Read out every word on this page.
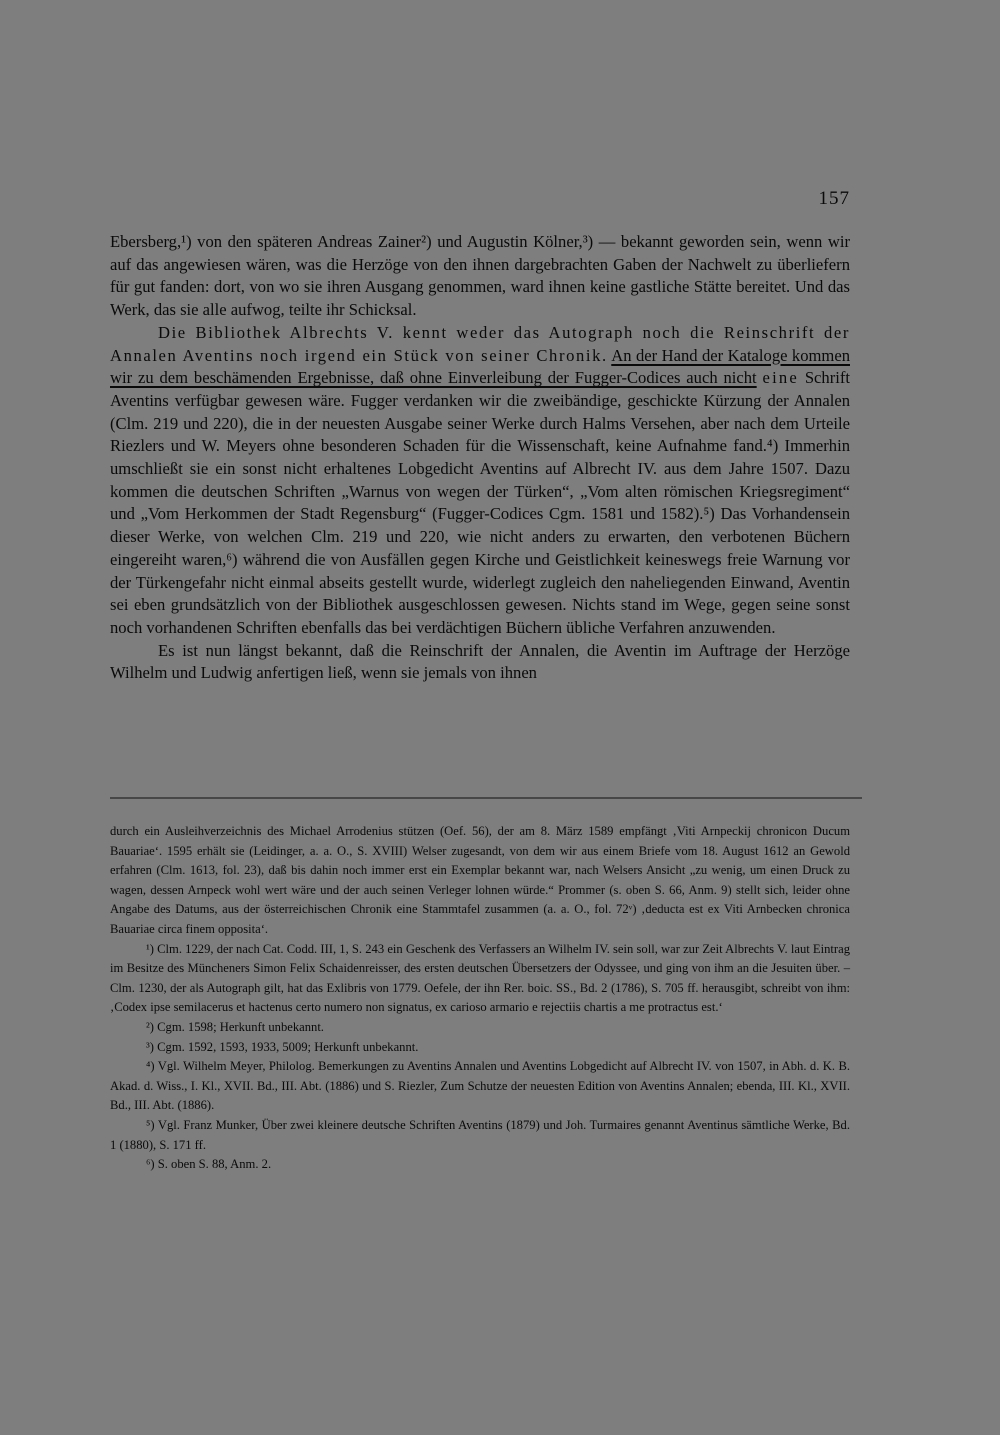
157

Ebersberg,¹) von den späteren Andreas Zainer²) und Augustin Kölner,³) — bekannt geworden sein, wenn wir auf das angewiesen wären, was die Herzöge von den ihnen dargebrachten Gaben der Nachwelt zu überliefern für gut fanden: dort, von wo sie ihren Ausgang genommen, ward ihnen keine gastliche Stätte bereitet. Und das Werk, das sie alle aufwog, teilte ihr Schicksal.

Die Bibliothek Albrechts V. kennt weder das Autograph noch die Reinschrift der Annalen Aventins noch irgend ein Stück von seiner Chronik. An der Hand der Kataloge kommen wir zu dem beschämenden Ergebnisse, daß ohne Einverleibung der Fugger-Codices auch nicht eine Schrift Aventins verfügbar gewesen wäre. Fugger verdanken wir die zweibändige, geschickte Kürzung der Annalen (Clm. 219 und 220), die in der neuesten Ausgabe seiner Werke durch Halms Versehen, aber nach dem Urteile Riezlers und W. Meyers ohne besonderen Schaden für die Wissenschaft, keine Aufnahme fand.⁴) Immerhin umschließt sie ein sonst nicht erhaltenes Lobgedicht Aventins auf Albrecht IV. aus dem Jahre 1507. Dazu kommen die deutschen Schriften „Warnus von wegen der Türken“, „Vom alten römischen Kriegsregiment“ und „Vom Herkommen der Stadt Regensburg“ (Fugger-Codices Cgm. 1581 und 1582).⁵) Das Vorhandensein dieser Werke, von welchen Clm. 219 und 220, wie nicht anders zu erwarten, den verbotenen Büchern eingereiht waren,⁶) während die von Ausfällen gegen Kirche und Geistlichkeit keineswegs freie Warnung vor der Türkengefahr nicht einmal abseits gestellt wurde, widerlegt zugleich den naheliegenden Einwand, Aventin sei eben grundsätzlich von der Bibliothek ausgeschlossen gewesen. Nichts stand im Wege, gegen seine sonst noch vorhandenen Schriften ebenfalls das bei verdächtigen Büchern übliche Verfahren anzuwenden.

Es ist nun längst bekannt, daß die Reinschrift der Annalen, die Aventin im Auftrage der Herzöge Wilhelm und Ludwig anfertigen ließ, wenn sie jemals von ihnen

durch ein Ausleihverzeichnis des Michael Arrodenius stützen (Oef. 56), der am 8. März 1589 empfängt ‚Viti Arnpeckij chronicon Ducum Bauariae‘. 1595 erhält sie (Leidinger, a. a. O., S. XVIII) Welser zugesandt, von dem wir aus einem Briefe vom 18. August 1612 an Gewold erfahren (Clm. 1613, fol. 23), daß bis dahin noch immer erst ein Exemplar bekannt war, nach Welsers Ansicht „zu wenig, um einen Druck zu wagen, dessen Arnpeck wohl wert wäre und der auch seinen Verleger lohnen würde.“ Prommer (s. oben S. 66, Anm. 9) stellt sich, leider ohne Angabe des Datums, aus der österreichischen Chronik eine Stammtafel zusammen (a. a. O., fol. 72ᵛ) ‚deducta est ex Viti Arnbecken chronica Bauariae circa finem opposita‘.

¹) Clm. 1229, der nach Cat. Codd. III, 1, S. 243 ein Geschenk des Verfassers an Wilhelm IV. sein soll, war zur Zeit Albrechts V. laut Eintrag im Besitze des Müncheners Simon Felix Schaidenreisser, des ersten deutschen Übersetzers der Odyssee, und ging von ihm an die Jesuiten über. – Clm. 1230, der als Autograph gilt, hat das Exlibris von 1779. Oefele, der ihn Rer. boic. SS., Bd. 2 (1786), S. 705 ff. herausgibt, schreibt von ihm: ‚Codex ipse semilacerus et hactenus certo numero non signatus, ex carioso armario e rejectiis chartis a me protractus est.‘

²) Cgm. 1598; Herkunft unbekannt.

³) Cgm. 1592, 1593, 1933, 5009; Herkunft unbekannt.

⁴) Vgl. Wilhelm Meyer, Philolog. Bemerkungen zu Aventins Annalen und Aventins Lobgedicht auf Albrecht IV. von 1507, in Abh. d. K. B. Akad. d. Wiss., I. Kl., XVII. Bd., III. Abt. (1886) und S. Riezler, Zum Schutze der neuesten Edition von Aventins Annalen; ebenda, III. Kl., XVII. Bd., III. Abt. (1886).

⁵) Vgl. Franz Munker, Über zwei kleinere deutsche Schriften Aventins (1879) und Joh. Turmaires genannt Aventinus sämtliche Werke, Bd. 1 (1880), S. 171 ff.

⁶) S. oben S. 88, Anm. 2.
